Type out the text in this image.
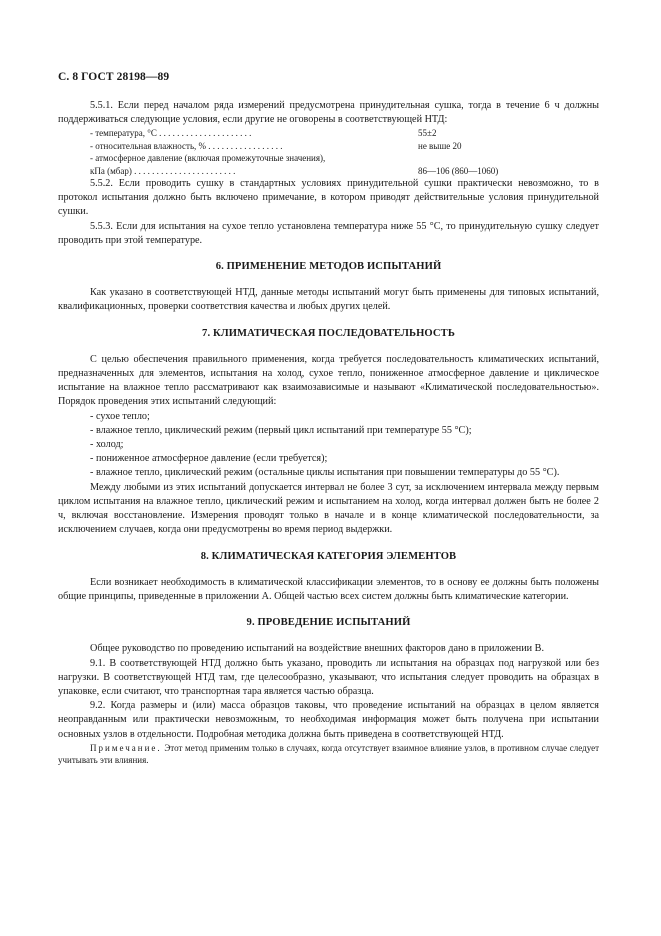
С. 8 ГОСТ 28198—89

5.5.1. Если перед началом ряда измерений предусмотрена принудительная сушка, тогда в течение 6 ч должны поддерживаться следующие условия, если другие не оговорены в соответствующей НТД:

- температура, °С . . . . . . . . . . . . . . . . . . . . .	55±2
- относительная влажность, % . . . . . . . . . . . . . . . . .	не выше 20
- атмосферное давление (включая промежуточные значения),
кПа (мбар) . . . . . . . . . . . . . . . . . . . . . . .	86—106 (860—1060)

5.5.2. Если проводить сушку в стандартных условиях принудительной сушки практически невозможно, то в протокол испытания должно быть включено примечание, в котором приводят действительные условия принудительной сушки.

5.5.3. Если для испытания на сухое тепло установлена температура ниже 55 °С, то принудительную сушку следует проводить при этой температуре.

6. ПРИМЕНЕНИЕ МЕТОДОВ ИСПЫТАНИЙ

Как указано в соответствующей НТД, данные методы испытаний могут быть применены для типовых испытаний, квалификационных, проверки соответствия качества и любых других целей.

7. КЛИМАТИЧЕСКАЯ ПОСЛЕДОВАТЕЛЬНОСТЬ

С целью обеспечения правильного применения, когда требуется последовательность климатических испытаний, предназначенных для элементов, испытания на холод, сухое тепло, пониженное атмосферное давление и циклическое испытание на влажное тепло рассматривают как взаимозависимые и называют «Климатической последовательностью». Порядок проведения этих испытаний следующий:

- сухое тепло;

- влажное тепло, циклический режим (первый цикл испытаний при температуре 55 °С);

- холод;

- пониженное атмосферное давление (если требуется);

- влажное тепло, циклический режим (остальные циклы испытания при повышении температуры до 55 °С).

Между любыми из этих испытаний допускается интервал не более 3 сут, за исключением интервала между первым циклом испытания на влажное тепло, циклический режим и испытанием на холод, когда интервал должен быть не более 2 ч, включая восстановление. Измерения проводят только в начале и в конце климатической последовательности, за исключением случаев, когда они предусмотрены во время период выдержки.

8. КЛИМАТИЧЕСКАЯ КАТЕГОРИЯ ЭЛЕМЕНТОВ

Если возникает необходимость в климатической классификации элементов, то в основу ее должны быть положены общие принципы, приведенные в приложении А. Общей частью всех систем должны быть климатические категории.

9. ПРОВЕДЕНИЕ ИСПЫТАНИЙ

Общее руководство по проведению испытаний на воздействие внешних факторов дано в приложении В.

9.1. В соответствующей НТД должно быть указано, проводить ли испытания на образцах под нагрузкой или без нагрузки. В соответствующей НТД там, где целесообразно, указывают, что испытания следует проводить на образцах в упаковке, если считают, что транспортная тара является частью образца.

9.2. Когда размеры и (или) масса образцов таковы, что проведение испытаний на образцах в целом является неоправданным или практически невозможным, то необходимая информация может быть получена при испытании основных узлов в отдельности. Подробная методика должна быть приведена в соответствующей НТД.

Примечание. Этот метод применим только в случаях, когда отсутствует взаимное влияние узлов, в противном случае следует учитывать эти влияния.
